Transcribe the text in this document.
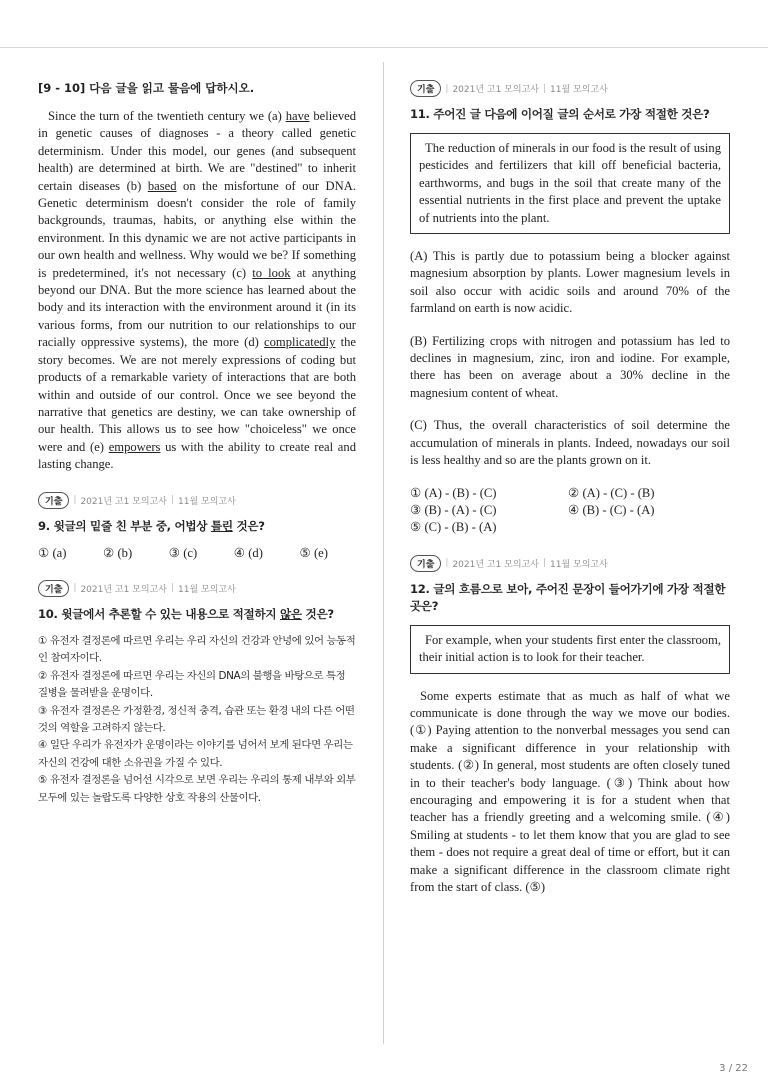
[9 - 10] 다음 글을 읽고 물음에 답하시오.
Since the turn of the twentieth century we (a) have believed in genetic causes of diagnoses - a theory called genetic determinism. Under this model, our genes (and subsequent health) are determined at birth. We are "destined" to inherit certain diseases (b) based on the misfortune of our DNA. Genetic determinism doesn't consider the role of family backgrounds, traumas, habits, or anything else within the environment. In this dynamic we are not active participants in our own health and wellness. Why would we be? If something is predetermined, it's not necessary (c) to look at anything beyond our DNA. But the more science has learned about the body and its interaction with the environment around it (in its various forms, from our nutrition to our relationships to our racially oppressive systems), the more (d) complicatedly the story becomes. We are not merely expressions of coding but products of a remarkable variety of interactions that are both within and outside of our control. Once we see beyond the narrative that genetics are destiny, we can take ownership of our health. This allows us to see how "choiceless" we once were and (e) empowers us with the ability to create real and lasting change.
기출	| 2021년 고1 모의고사 | 11월 모의고사
9. 윗글의 밑줄 친 부분 중, 어법상 틀린 것은?
① (a)	② (b)	③ (c)	④ (d)	⑤ (e)
기출	| 2021년 고1 모의고사 | 11월 모의고사
10. 윗글에서 추론할 수 있는 내용으로 적절하지 않은 것은?
① 유전자 결정론에 따르면 우리는 우리 자신의 건강과 안녕에 있어 능동적인 참여자이다.
② 유전자 결정론에 따르면 우리는 자신의 DNA의 불행을 바탕으로 특정 질병을 물려받을 운명이다.
③ 유전자 결정론은 가정환경, 정신적 충격, 습관 또는 환경 내의 다른 어떤 것의 역할을 고려하지 않는다.
④ 일단 우리가 유전자가 운명이라는 이야기를 넘어서 보게 된다면 우리는 자신의 건강에 대한 소유권을 가질 수 있다.
⑤ 유전자 결정론을 넘어선 시각으로 보면 우리는 우리의 통제 내부와 외부 모두에 있는 놀랍도록 다양한 상호 작용의 산물이다.
기출	| 2021년 고1 모의고사 | 11월 모의고사
11. 주어진 글 다음에 이어질 글의 순서로 가장 적절한 것은?

The reduction of minerals in our food is the result of using pesticides and fertilizers that kill off beneficial bacteria, earthworms, and bugs in the soil that create many of the essential nutrients in the first place and prevent the uptake of nutrients into the plant.

(A) This is partly due to potassium being a blocker against magnesium absorption by plants. Lower magnesium levels in soil also occur with acidic soils and around 70% of the farmland on earth is now acidic.
(B) Fertilizing crops with nitrogen and potassium has led to declines in magnesium, zinc, iron and iodine. For example, there has been on average about a 30% decline in the magnesium content of wheat.
(C) Thus, the overall characteristics of soil determine the accumulation of minerals in plants. Indeed, nowadays our soil is less healthy and so are the plants grown on it.
① (A) - (B) - (C)	② (A) - (C) - (B)
③ (B) - (A) - (C)	④ (B) - (C) - (A)
⑤ (C) - (B) - (A)
기출	| 2021년 고1 모의고사 | 11월 모의고사
12. 글의 흐름으로 보아, 주어진 문장이 들어가기에 가장 적절한 곳은?

For example, when your students first enter the classroom, their initial action is to look for their teacher.

Some experts estimate that as much as half of what we communicate is done through the way we move our bodies. (①) Paying attention to the nonverbal messages you send can make a significant difference in your relationship with students. (②) In general, most students are often closely tuned in to their teacher's body language. (③) Think about how encouraging and empowering it is for a student when that teacher has a friendly greeting and a welcoming smile. (④) Smiling at students - to let them know that you are glad to see them - does not require a great deal of time or effort, but it can make a significant difference in the classroom climate right from the start of class. (⑤)
3 / 22
